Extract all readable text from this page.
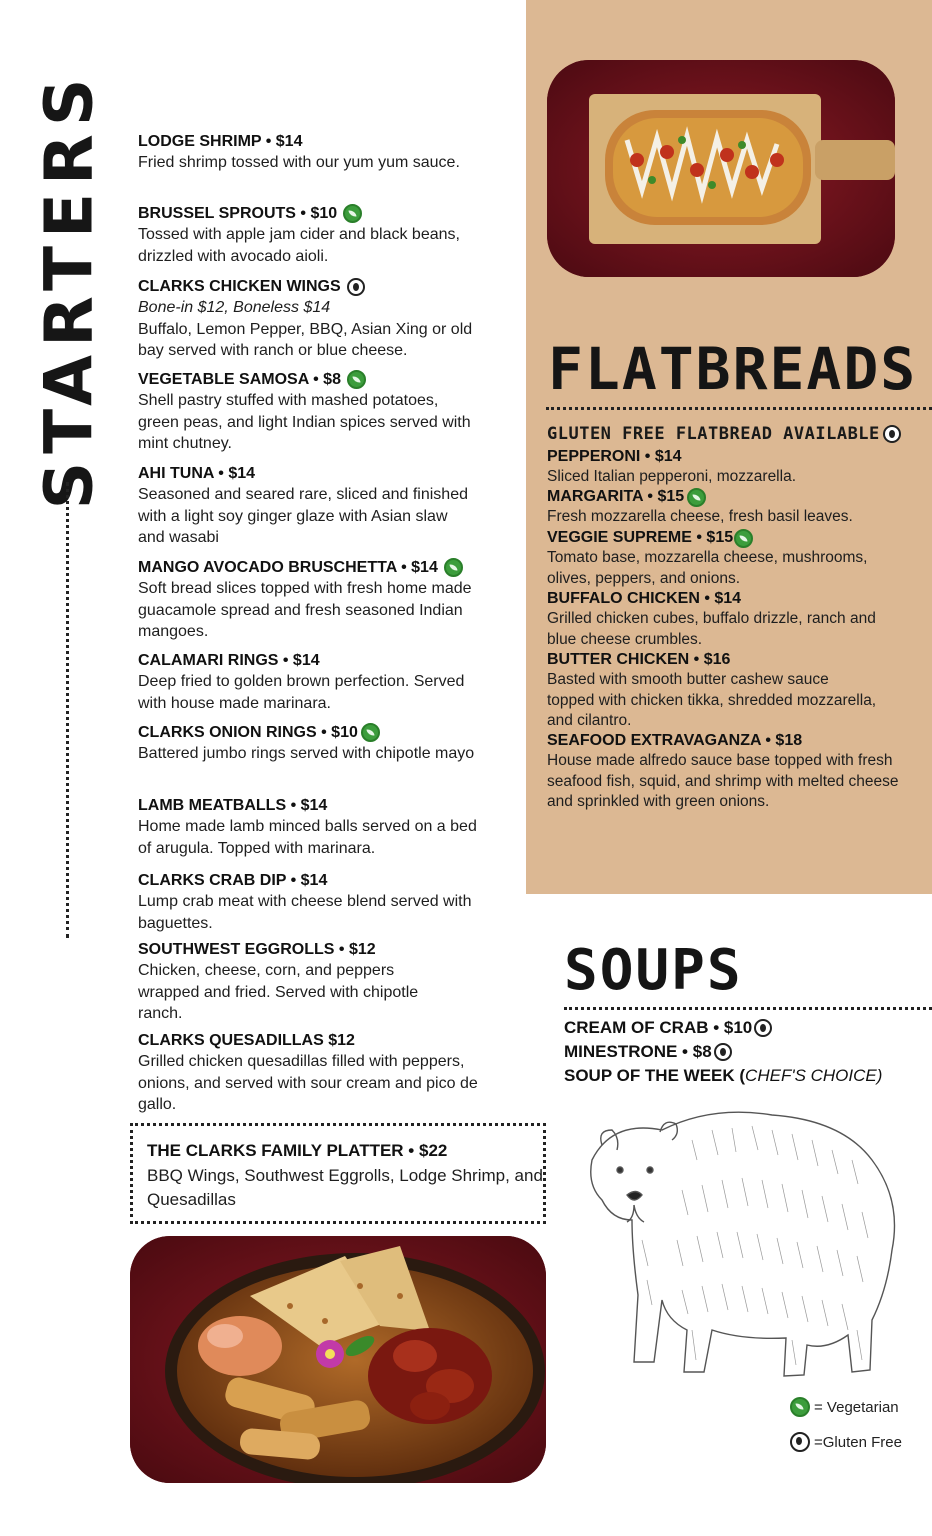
STARTERS LODGE SHRIMP • $14
Fried shrimp tossed with our yum yum sauce.
BRUSSEL SPROUTS • $10
Tossed with apple jam cider and black beans, drizzled with avocado aioli.
CLARKS CHICKEN WINGS
Bone-in $12, Boneless $14
Buffalo, Lemon Pepper, BBQ, Asian Xing or old bay served with ranch or blue cheese.
VEGETABLE SAMOSA • $8
Shell pastry stuffed with mashed potatoes, green peas, and light Indian spices served with mint chutney.
AHI TUNA • $14
Seasoned and seared rare, sliced and finished with a light soy ginger glaze with Asian slaw and wasabi
MANGO AVOCADO BRUSCHETTA • $14
Soft bread slices topped with fresh home made guacamole spread and fresh seasoned Indian mangoes.
CALAMARI RINGS • $14
Deep fried to golden brown perfection. Served with house made marinara.
CLARKS ONION RINGS • $10
Battered jumbo rings served with chipotle mayo
LAMB MEATBALLS • $14
Home made lamb minced balls served on a bed of arugula. Topped with marinara.
CLARKS CRAB DIP • $14
Lump crab meat with cheese blend served with baguettes.
SOUTHWEST EGGROLLS • $12
Chicken, cheese, corn, and peppers wrapped and fried. Served with chipotle ranch.
CLARKS QUESADILLAS $12
Grilled chicken quesadillas filled with peppers, onions, and served with sour cream and pico de gallo.
THE CLARKS FAMILY PLATTER • $22
BBQ Wings, Southwest Eggrolls, Lodge Shrimp, and Quesadillas
FLATBREADS
GLUTEN FREE FLATBREAD AVAILABLE
PEPPERONI • $14
Sliced Italian pepperoni, mozzarella.
MARGARITA • $15
Fresh mozzarella cheese, fresh basil leaves.
VEGGIE SUPREME • $15
Tomato base, mozzarella cheese, mushrooms, olives, peppers, and onions.
BUFFALO CHICKEN • $14
Grilled chicken cubes, buffalo drizzle, ranch and blue cheese crumbles.
BUTTER CHICKEN • $16
Basted with smooth butter cashew sauce topped with chicken tikka, shredded mozzarella, and cilantro.
SEAFOOD EXTRAVAGANZA • $18
House made alfredo sauce base topped with fresh seafood fish, squid, and shrimp with melted cheese and sprinkled with green onions.
SOUPS
CREAM OF CRAB • $10
MINESTRONE • $8
SOUP OF THE WEEK ( CHEF'S CHOICE)
= Vegetarian
=Gluten Free
